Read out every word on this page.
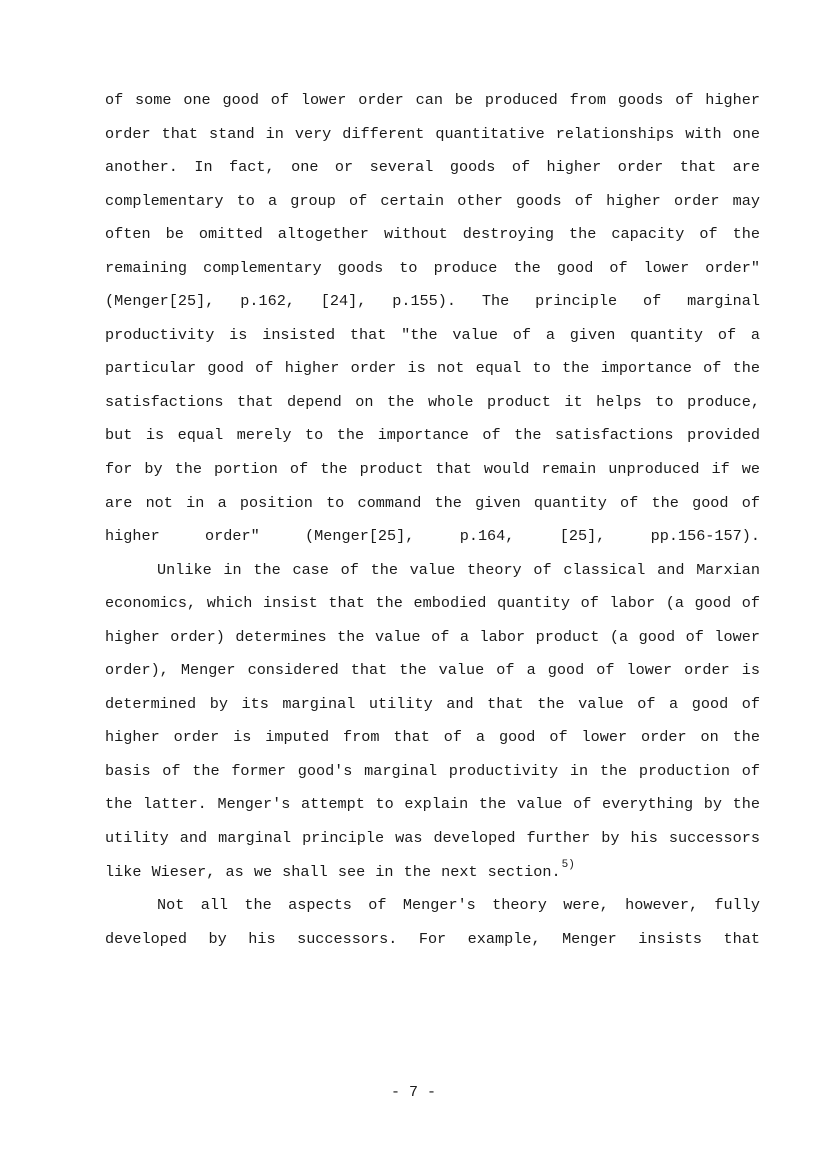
of some one good of lower order can be produced from goods of higher order that stand in very different quantitative relationships with one another. In fact, one or several goods of higher order that are complementary to a group of certain other goods of higher order may often be omitted altogether without destroying the capacity of the remaining complementary goods to produce the good of lower order" (Menger[25], p.162, [24], p.155). The principle of marginal productivity is insisted that "the value of a given quantity of a particular good of higher order is not equal to the importance of the satisfactions that depend on the whole product it helps to produce, but is equal merely to the importance of the satisfactions provided for by the portion of the product that would remain unproduced if we are not in a position to command the given quantity of the good of higher order" (Menger[25], p.164, [25], pp.156-157).

Unlike in the case of the value theory of classical and Marxian economics, which insist that the embodied quantity of labor (a good of higher order) determines the value of a labor product (a good of lower order), Menger considered that the value of a good of lower order is determined by its marginal utility and that the value of a good of higher order is imputed from that of a good of lower order on the basis of the former good's marginal productivity in the production of the latter. Menger's attempt to explain the value of everything by the utility and marginal principle was developed further by his successors like Wieser, as we shall see in the next section.$^{5)}$

Not all the aspects of Menger's theory were, however, fully developed by his successors. For example, Menger insists that

- 7 -
